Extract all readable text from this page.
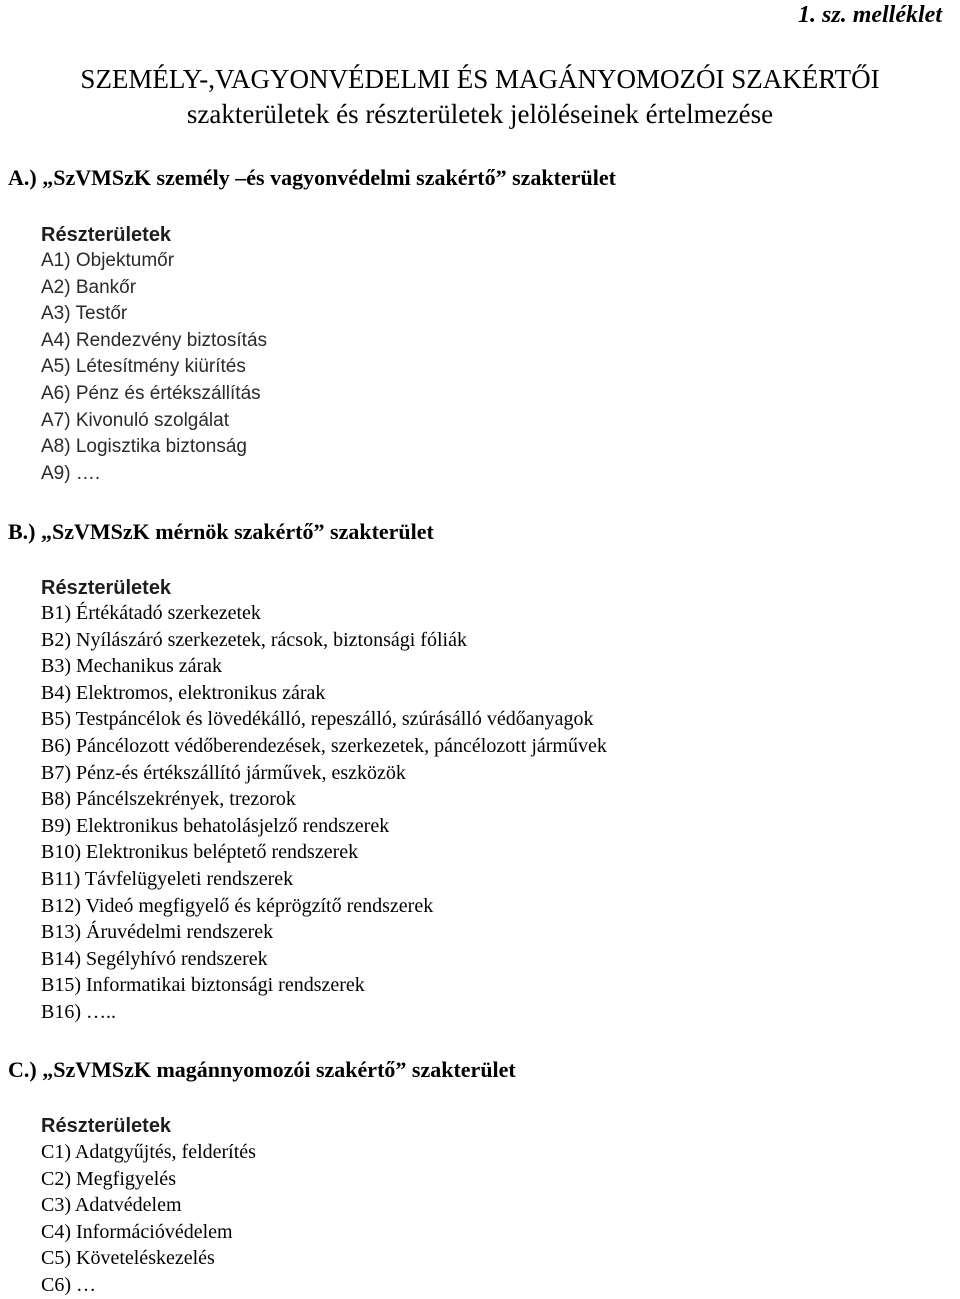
1. sz. melléklet
SZEMÉLY-,VAGYONVÉDELMI ÉS MAGÁNYOMOZÓI SZAKÉRTŐI
szakterületek és részterületek jelöléseinek értelmezése
A.) „SzVMSzK személy –és vagyonvédelmi szakértő” szakterület
Részterületek
A1) Objektumőr
A2) Bankőr
A3) Testőr
A4) Rendezvény biztosítás
A5) Létesítmény kiürítés
A6) Pénz és értékszállítás
A7) Kivonuló szolgálat
A8) Logisztika biztonság
A9) ….
B.) „SzVMSzK mérnök szakértő” szakterület
Részterületek
B1) Értékátadó szerkezetek
B2) Nyílászáró szerkezetek, rácsok, biztonsági fóliák
B3) Mechanikus zárak
B4) Elektromos, elektronikus zárak
B5) Testpáncélok és lövedékálló, repeszálló, szúrásálló védőanyagok
B6) Páncélozott védőberendezések, szerkezetek, páncélozott járművek
B7) Pénz-és értékszállító járművek, eszközök
B8) Páncélszekrények, trezorok
B9) Elektronikus behatolásjelző rendszerek
B10) Elektronikus beléptető rendszerek
B11) Távfelügyeleti rendszerek
B12) Videó megfigyelő és képrögzítő rendszerek
B13) Áruvédelmi rendszerek
B14) Segélyhívó rendszerek
B15) Informatikai biztonsági rendszerek
B16) …..
C.) „SzVMSzK magánnyomozói szakértő” szakterület
Részterületek
C1) Adatgyűjtés, felderítés
C2) Megfigyelés
C3) Adatvédelem
C4) Információvédelem
C5) Követeléskezelés
C6) …
